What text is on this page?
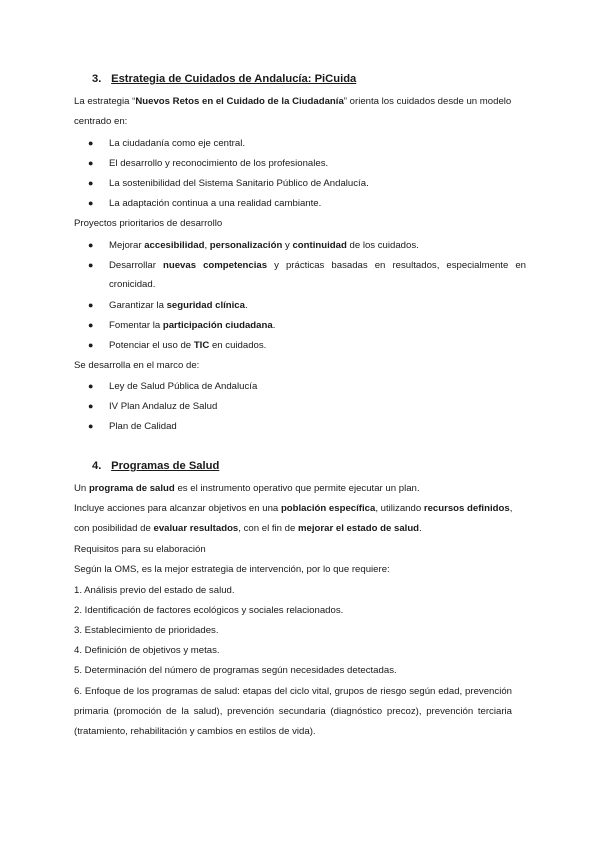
3. Estrategia de Cuidados de Andalucía: PiCuida
La estrategia “Nuevos Retos en el Cuidado de la Ciudadanía” orienta los cuidados desde un modelo
centrado en:
● La ciudadanía como eje central.
● El desarrollo y reconocimiento de los profesionales.
● La sostenibilidad del Sistema Sanitario Público de Andalucía.
● La adaptación continua a una realidad cambiante.
Proyectos prioritarios de desarrollo
● Mejorar accesibilidad, personalización y continuidad de los cuidados.
● Desarrollar nuevas competencias y prácticas basadas en resultados, especialmente en
cronicidad.
● Garantizar la seguridad clínica.
● Fomentar la participación ciudadana.
● Potenciar el uso de TIC en cuidados.
Se desarrolla en el marco de:
● Ley de Salud Pública de Andalucía
● IV Plan Andaluz de Salud
● Plan de Calidad
4. Programas de Salud
Un programa de salud es el instrumento operativo que permite ejecutar un plan.
Incluye acciones para alcanzar objetivos en una población específica, utilizando recursos definidos,
con posibilidad de evaluar resultados, con el fin de mejorar el estado de salud.
Requisitos para su elaboración
Según la OMS, es la mejor estrategia de intervención, por lo que requiere:
1. Análisis previo del estado de salud.
2. Identificación de factores ecológicos y sociales relacionados.
3. Establecimiento de prioridades.
4. Definición de objetivos y metas.
5. Determinación del número de programas según necesidades detectadas.
6. Enfoque de los programas de salud: etapas del ciclo vital, grupos de riesgo según edad, prevención
primaria (promoción de la salud), prevención secundaria (diagnóstico precoz), prevención terciaria
(tratamiento, rehabilitación y cambios en estilos de vida).
